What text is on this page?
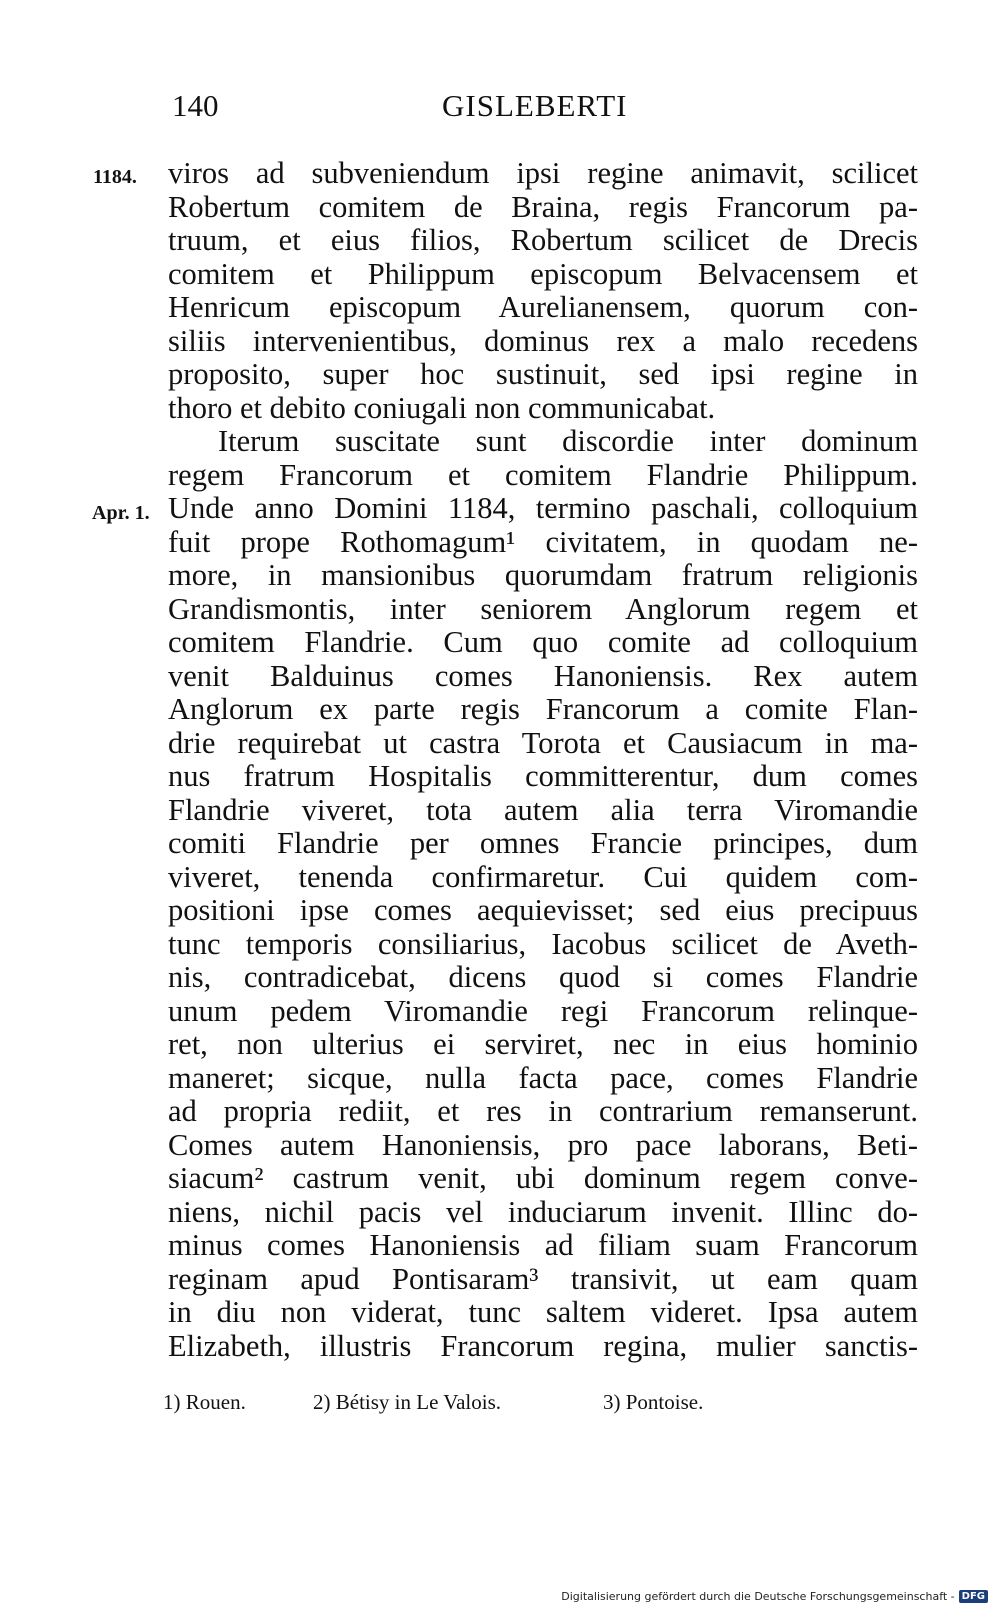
140	GISLEBERTI
1184.
Apr. 1.
viros ad subveniendum ipsi regine animavit, scilicet
Robertum comitem de Braina, regis Francorum pa-
truum, et eius filios, Robertum scilicet de Drecis
comitem et Philippum episcopum Belvacensem et
Henricum episcopum Aurelianensem, quorum con-
siliis intervenientibus, dominus rex a malo recedens
proposito, super hoc sustinuit, sed ipsi regine in
thoro et debito coniugali non communicabat.
Iterum suscitate sunt discordie inter dominum
regem Francorum et comitem Flandrie Philippum.
Unde anno Domini 1184, termino paschali, colloquium
fuit prope Rothomagum¹ civitatem, in quodam ne-
more, in mansionibus quorumdam fratrum religionis
Grandismontis, inter seniorem Anglorum regem et
comitem Flandrie. Cum quo comite ad colloquium
venit Balduinus comes Hanoniensis. Rex autem
Anglorum ex parte regis Francorum a comite Flan-
drie requirebat ut castra Torota et Causiacum in ma-
nus fratrum Hospitalis committerentur, dum comes
Flandrie viveret, tota autem alia terra Viromandie
comiti Flandrie per omnes Francie principes, dum
viveret, tenenda confirmaretur. Cui quidem com-
positioni ipse comes aequievisset; sed eius precipuus
tunc temporis consiliarius, Iacobus scilicet de Aveth-
nis, contradicebat, dicens quod si comes Flandrie
unum pedem Viromandie regi Francorum relinque-
ret, non ulterius ei serviret, nec in eius hominio
maneret; sicque, nulla facta pace, comes Flandrie
ad propria rediit, et res in contrarium remanserunt.
Comes autem Hanoniensis, pro pace laborans, Beti-
siacum² castrum venit, ubi dominum regem conve-
niens, nichil pacis vel induciarum invenit. Illinc do-
minus comes Hanoniensis ad filiam suam Francorum
reginam apud Pontisaram³ transivit, ut eam quam
in diu non viderat, tunc saltem videret. Ipsa autem
Elizabeth, illustris Francorum regina, mulier sanctis-
1) Rouen.	2) Bétisy in Le Valois.	3) Pontoise.
Digitalisierung gefördert durch die Deutsche Forschungsgemeinschaft - DFG
